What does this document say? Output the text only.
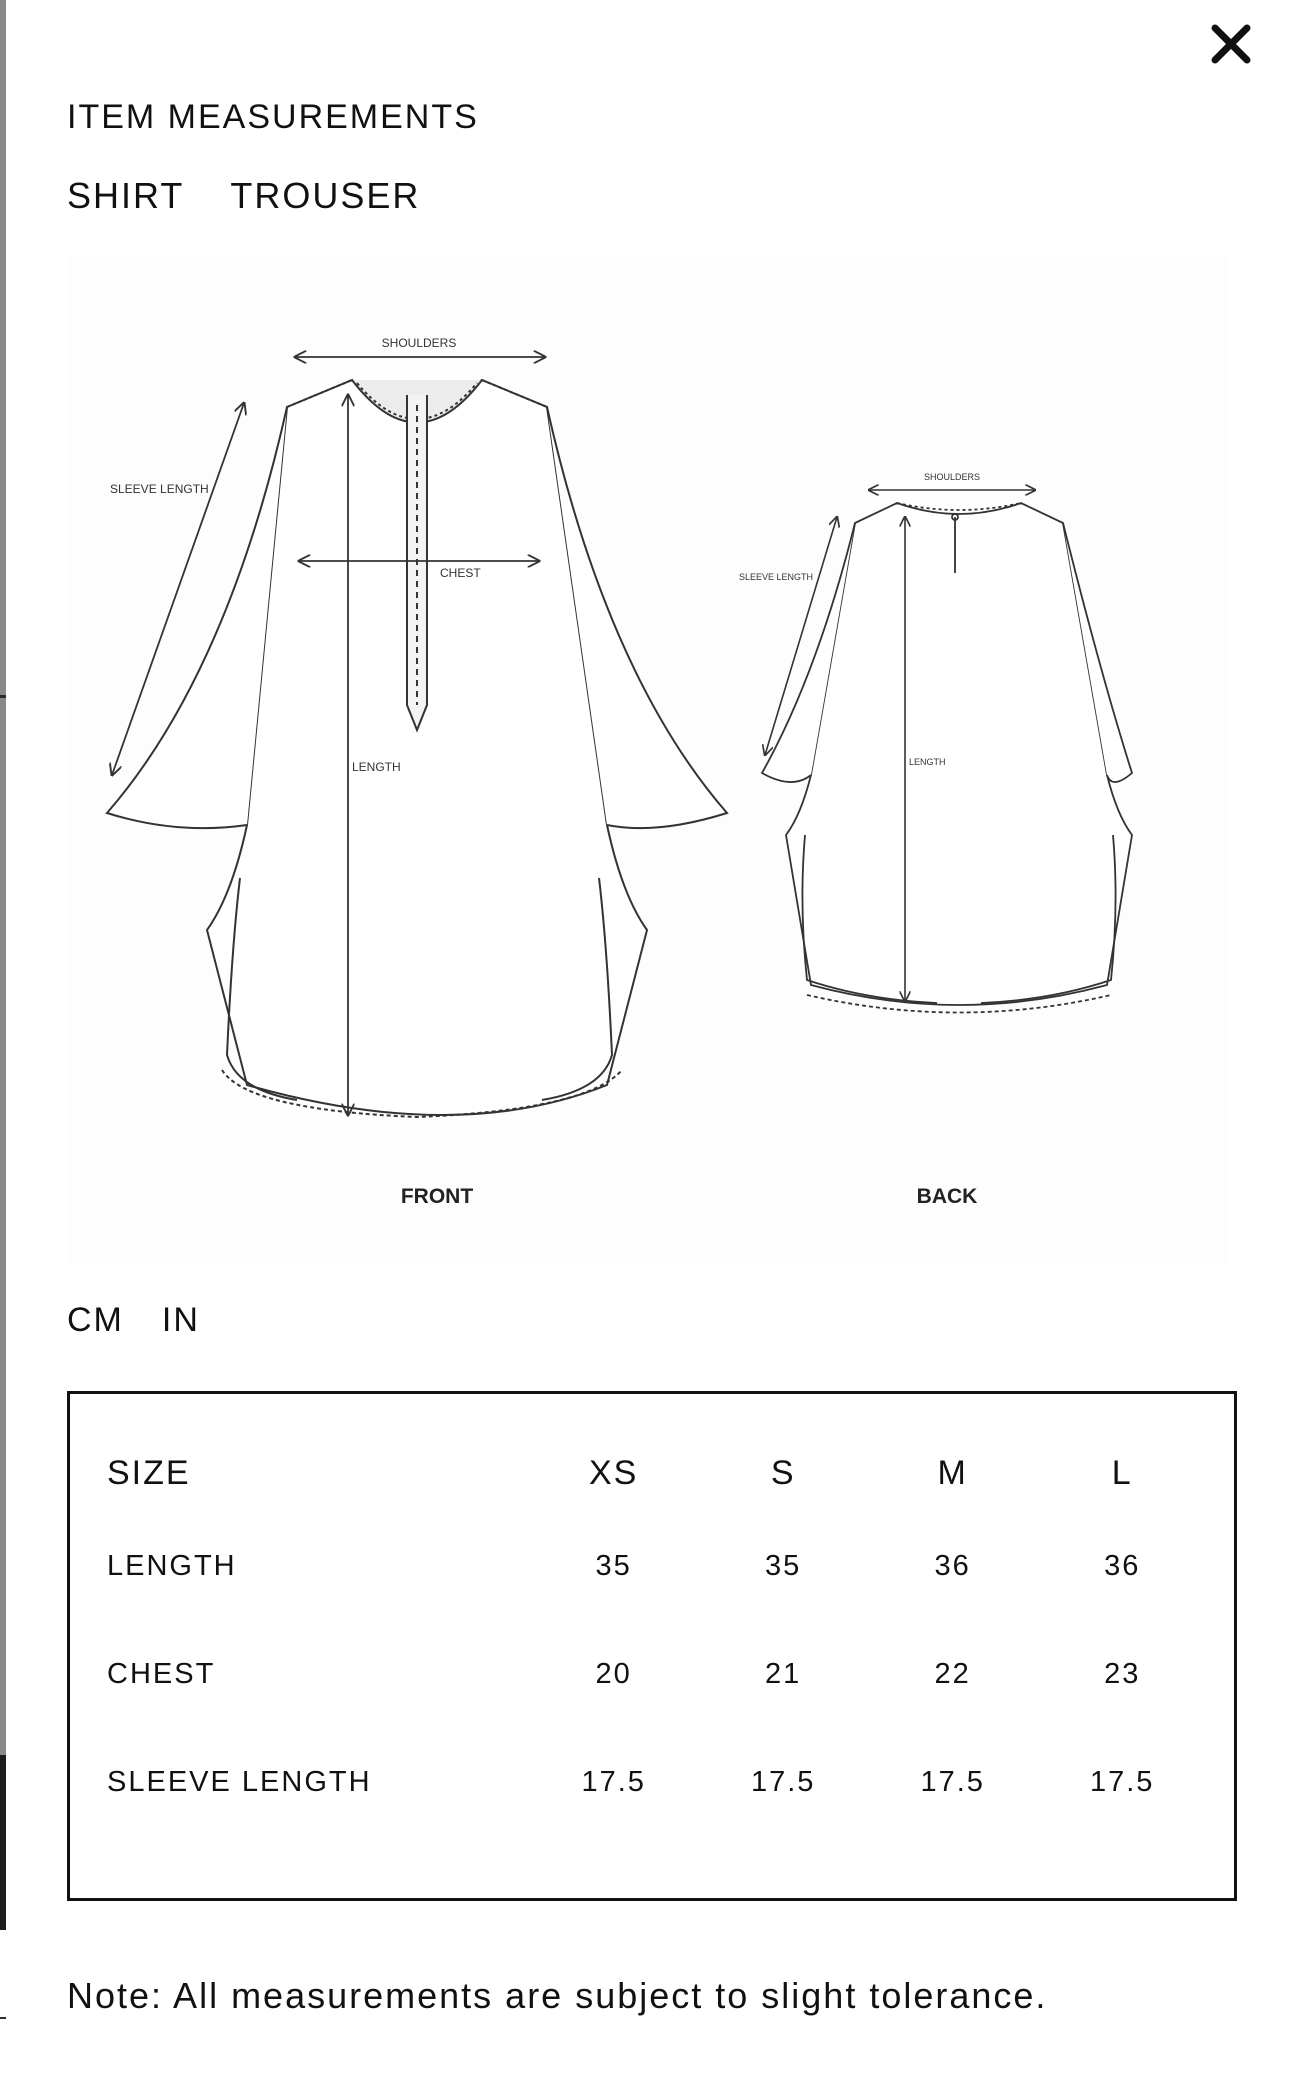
ITEM MEASUREMENTS
SHIRT TROUSER
SHOULDERS
SLEEVE LENGTH
CHEST
LENGTH
FRONT
SHOULDERS
SLEEVE LENGTH
LENGTH
BACK
CM IN
SIZE	XS	S	M	L
LENGTH	35	35	36	36
CHEST	20	21	22	23
SLEEVE LENGTH	17.5	17.5	17.5	17.5
Note: All measurements are subject to slight tolerance.
